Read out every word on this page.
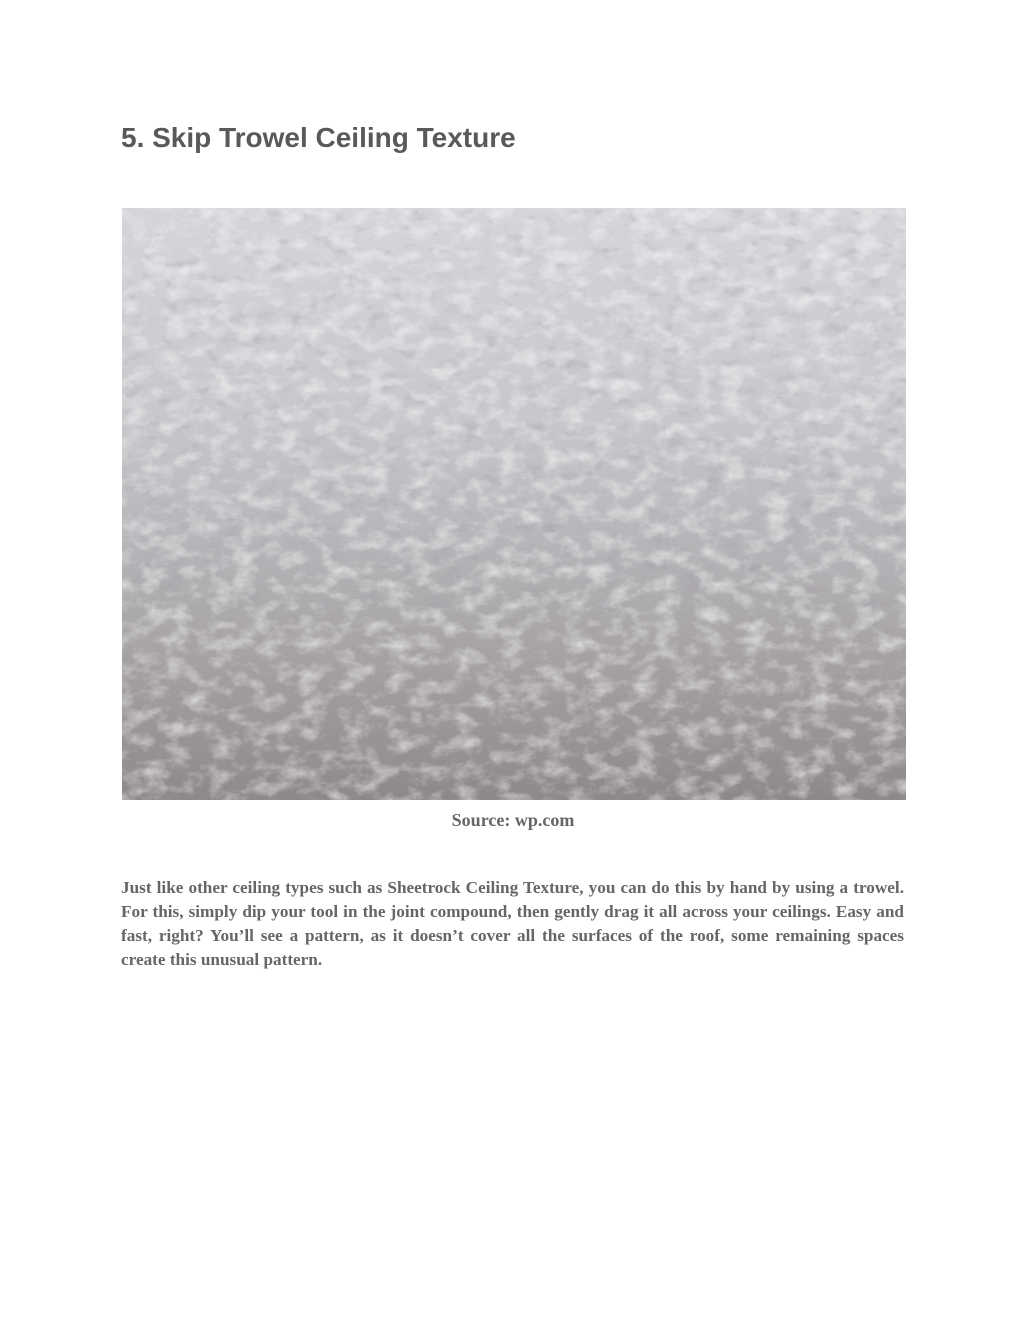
5. Skip Trowel Ceiling Texture

Source: wp.com

Just like other ceiling types such as Sheetrock Ceiling Texture, you can do this by hand by using a trowel. For this, simply dip your tool in the joint compound, then gently drag it all across your ceilings. Easy and fast, right? You’ll see a pattern, as it doesn’t cover all the surfaces of the roof, some remaining spaces create this unusual pattern.
